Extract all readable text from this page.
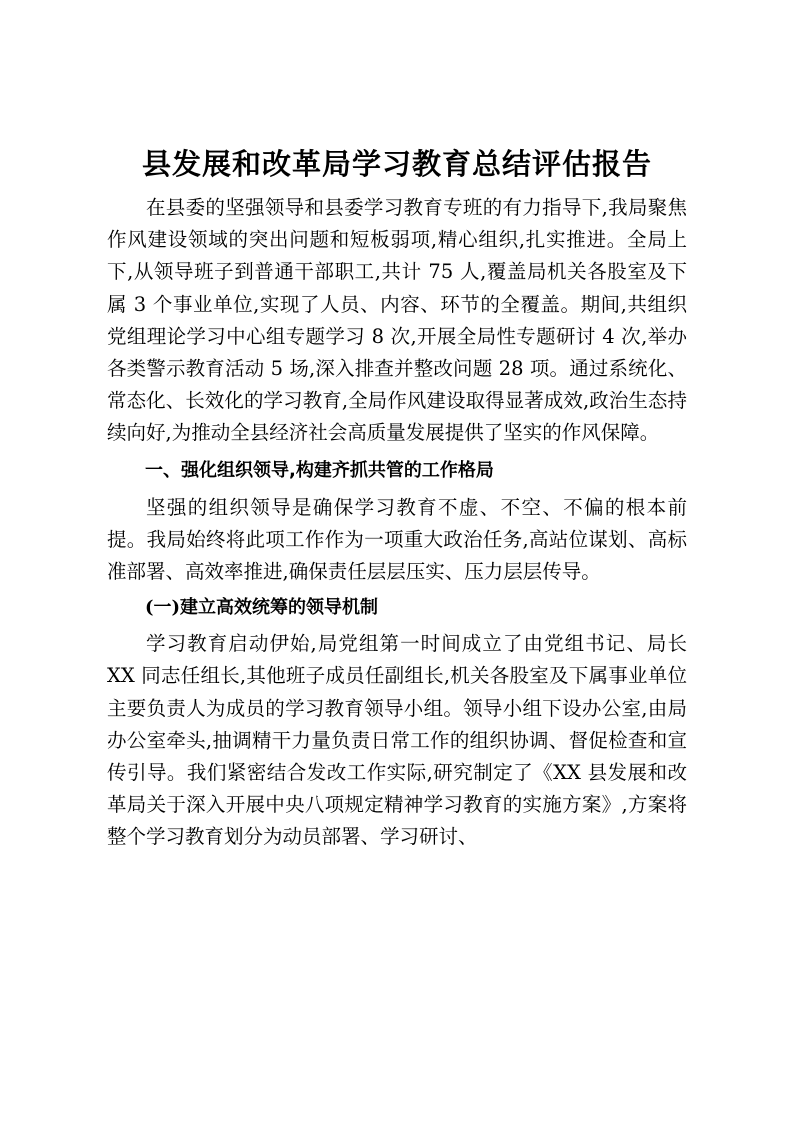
县发展和改革局学习教育总结评估报告

在县委的坚强领导和县委学习教育专班的有力指导下,我局聚焦作风建设领域的突出问题和短板弱项,精心组织,扎实推进。全局上下,从领导班子到普通干部职工,共计 75 人,覆盖局机关各股室及下属 3 个事业单位,实现了人员、内容、环节的全覆盖。期间,共组织党组理论学习中心组专题学习 8 次,开展全局性专题研讨 4 次,举办各类警示教育活动 5 场,深入排查并整改问题 28 项。通过系统化、常态化、长效化的学习教育,全局作风建设取得显著成效,政治生态持续向好,为推动全县经济社会高质量发展提供了坚实的作风保障。

一、强化组织领导,构建齐抓共管的工作格局

坚强的组织领导是确保学习教育不虚、不空、不偏的根本前提。我局始终将此项工作作为一项重大政治任务,高站位谋划、高标准部署、高效率推进,确保责任层层压实、压力层层传导。

(一)建立高效统筹的领导机制

学习教育启动伊始,局党组第一时间成立了由党组书记、局长 XX 同志任组长,其他班子成员任副组长,机关各股室及下属事业单位主要负责人为成员的学习教育领导小组。领导小组下设办公室,由局办公室牵头,抽调精干力量负责日常工作的组织协调、督促检查和宣传引导。我们紧密结合发改工作实际,研究制定了《XX 县发展和改革局关于深入开展中央八项规定精神学习教育的实施方案》,方案将整个学习教育划分为动员部署、学习研讨、
